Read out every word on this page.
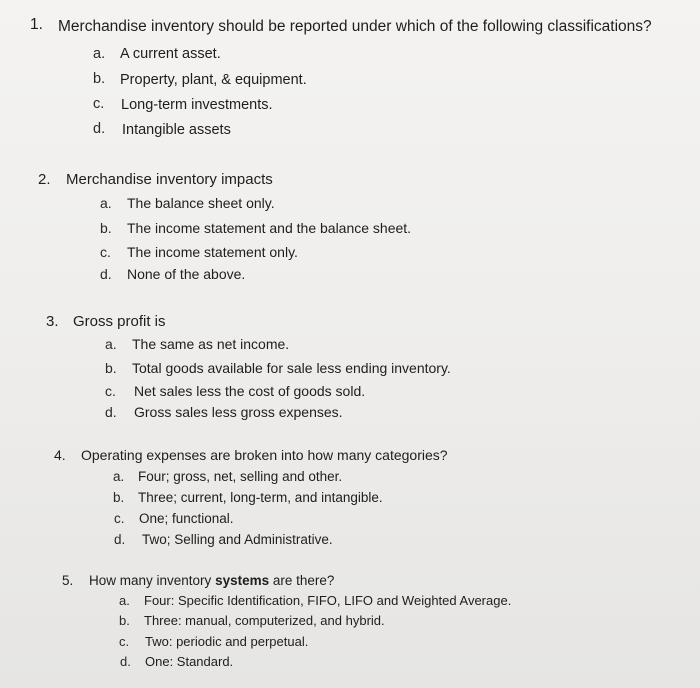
1. Merchandise inventory should be reported under which of the following classifications?
a. A current asset.
b. Property, plant, & equipment.
c. Long-term investments.
d. Intangible assets
2. Merchandise inventory impacts
a. The balance sheet only.
b. The income statement and the balance sheet.
c. The income statement only.
d. None of the above.
3. Gross profit is
a. The same as net income.
b. Total goods available for sale less ending inventory.
c. Net sales less the cost of goods sold.
d. Gross sales less gross expenses.
4. Operating expenses are broken into how many categories?
a. Four; gross, net, selling and other.
b. Three; current, long-term, and intangible.
c. One; functional.
d. Two; Selling and Administrative.
5. How many inventory systems are there?
a. Four: Specific Identification, FIFO, LIFO and Weighted Average.
b. Three: manual, computerized, and hybrid.
c. Two: periodic and perpetual.
d. One: Standard.
